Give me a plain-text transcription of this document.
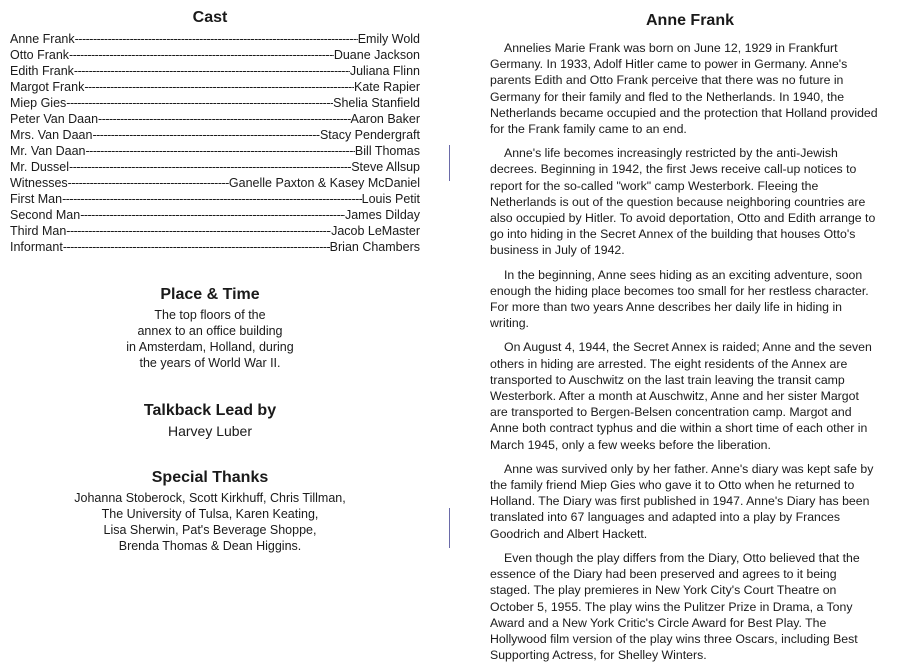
Cast
Anne Frank -----	Emily Wold
Otto Frank -----	Duane Jackson
Edith Frank -----	Juliana Flinn
Margot Frank -----	Kate Rapier
Miep Gies -----	Shelia Stanfield
Peter Van Daan -----	Aaron Baker
Mrs. Van Daan -----	Stacy Pendergraft
Mr. Van Daan -----	Bill Thomas
Mr. Dussel -----	Steve Allsup
Witnesses -----	Ganelle Paxton & Kasey McDaniel
First Man -----	Louis Petit
Second Man -----	James Dilday
Third Man -----	Jacob LeMaster
Informant -----	Brian Chambers
Place & Time
The top floors of the
annex to an office building
in Amsterdam, Holland, during
the years of World War II.
Talkback Lead by
Harvey Luber
Special Thanks
Johanna Stoberock, Scott Kirkhuff, Chris Tillman,
The University of Tulsa, Karen Keating,
Lisa Sherwin, Pat's Beverage Shoppe,
Brenda Thomas & Dean Higgins.
Anne Frank

Annelies Marie Frank was born on June 12, 1929 in Frankfurt Germany. In 1933, Adolf Hitler came to power in Germany. Anne's parents Edith and Otto Frank perceive that there was no future in Germany for their family and fled to the Netherlands. In 1940, the Netherlands became occupied and the protection that Holland provided for the Frank family came to an end.

Anne's life becomes increasingly restricted by the anti-Jewish decrees. Beginning in 1942, the first Jews receive call-up notices to report for the so-called "work" camp Westerbork. Fleeing the Netherlands is out of the question because neighboring countries are also occupied by Hitler. To avoid deportation, Otto and Edith arrange to go into hiding in the Secret Annex of the building that houses Otto's business in July of 1942.

In the beginning, Anne sees hiding as an exciting adventure, soon enough the hiding place becomes too small for her restless character. For more than two years Anne describes her daily life in hiding in writing.

On August 4, 1944, the Secret Annex is raided; Anne and the seven others in hiding are arrested. The eight residents of the Annex are transported to Auschwitz on the last train leaving the transit camp Westerbork. After a month at Auschwitz, Anne and her sister Margot are transported to Bergen-Belsen concentration camp. Margot and Anne both contract typhus and die within a short time of each other in March 1945, only a few weeks before the liberation.

Anne was survived only by her father. Anne's diary was kept safe by the family friend Miep Gies who gave it to Otto when he returned to Holland. The Diary was first published in 1947. Anne's Diary has been translated into 67 languages and adapted into a play by Frances Goodrich and Albert Hackett.

Even though the play differs from the Diary, Otto believed that the essence of the Diary had been preserved and agrees to it being staged. The play premieres in New York City's Court Theatre on October 5, 1955. The play wins the Pulitzer Prize in Drama, a Tony Award and a New York Critic's Circle Award for Best Play. The Hollywood film version of the play wins three Oscars, including Best Supporting Actress, for Shelley Winters.
